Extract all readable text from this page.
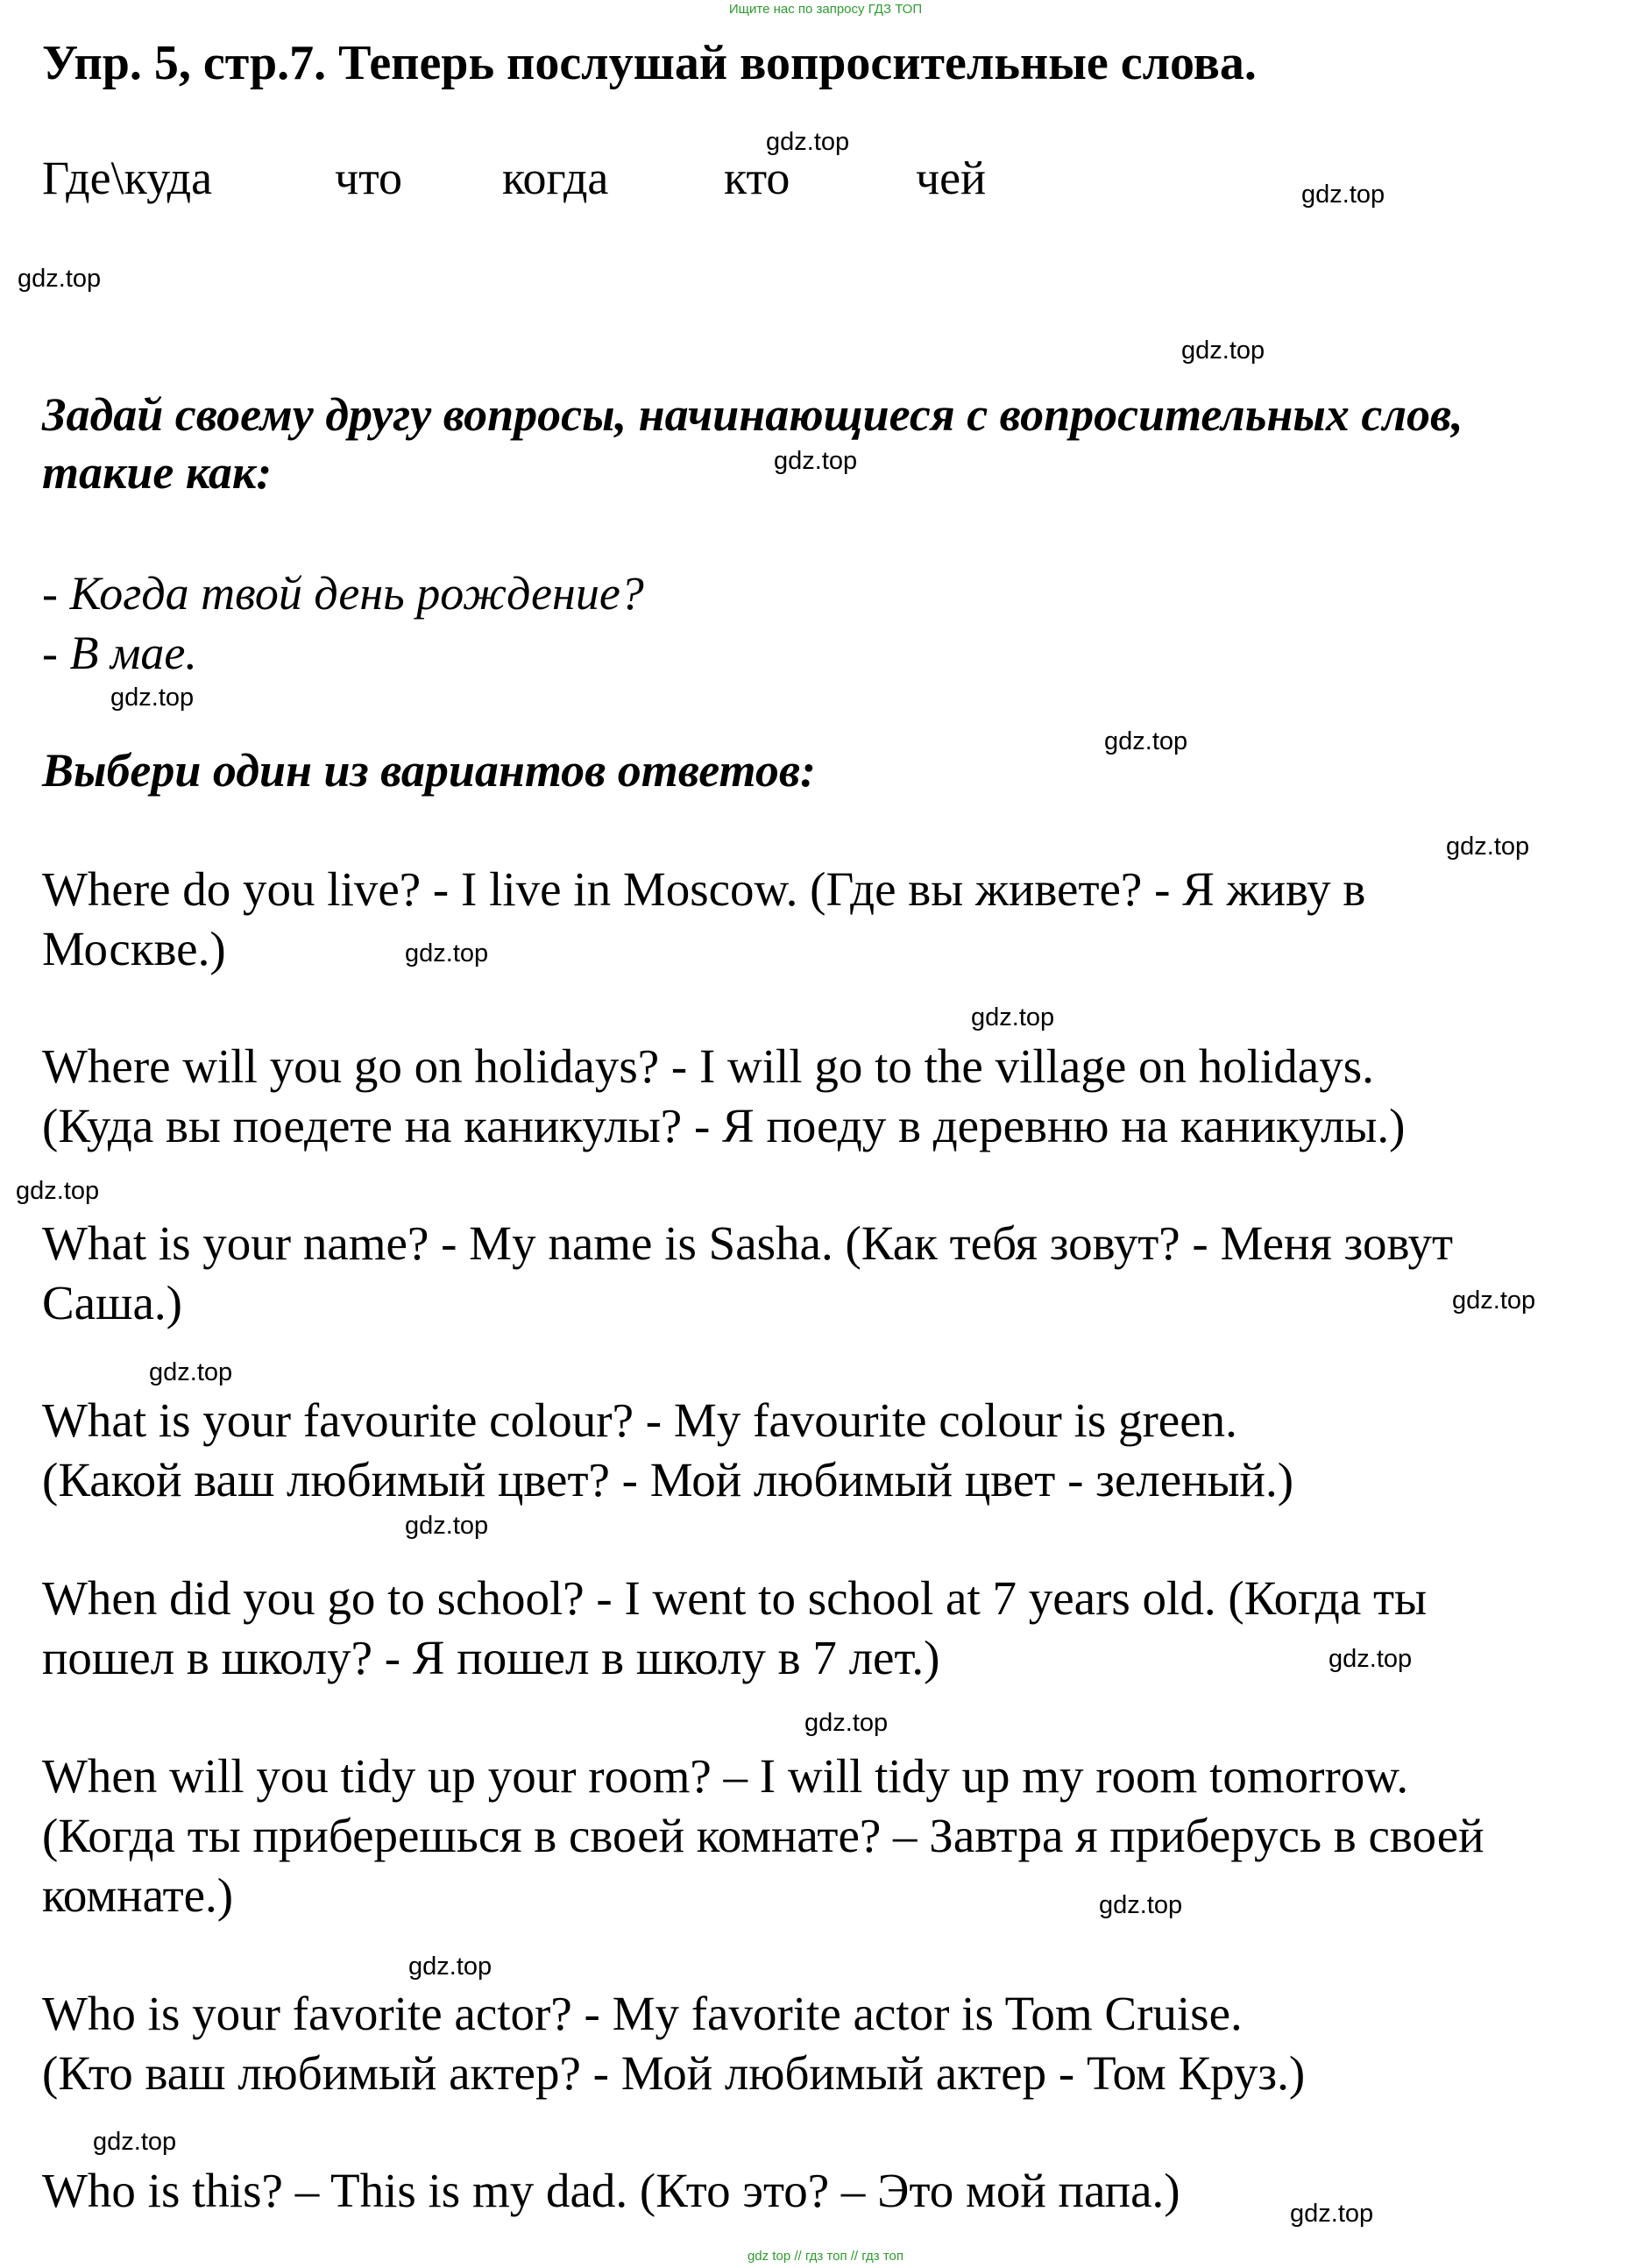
Ищите нас по запросу ГДЗ ТОП
Упр. 5, стр.7. Теперь послушай вопросительные слова.
Где\куда	что когда кто	чей
Задай своему другу вопросы, начинающиеся с вопросительных слов,
такие как:
- Когда твой день рождение?
- В мае.
Выбери один из вариантов ответов:
Where do you live? - I live in Moscow. (Где вы живете? - Я живу в
Москве.)
Where will you go on holidays? - I will go to the village on holidays.
(Куда вы поедете на каникулы? - Я поеду в деревню на каникулы.)
What is your name? - My name is Sasha. (Как тебя зовут? - Меня зовут
Саша.)
What is your favourite colour? - My favourite colour is green.
(Какой ваш любимый цвет? - Мой любимый цвет - зеленый.)
When did you go to school? - I went to school at 7 years old. (Когда ты
пошел в школу? - Я пошел в школу в 7 лет.)
When will you tidy up your room? – I will tidy up my room tomorrow.
(Когда ты приберешься в своей комнате? – Завтра я приберусь в своей
комнате.)
Who is your favorite actor? - My favorite actor is Tom Cruise.
(Кто ваш любимый актер? - Мой любимый актер - Том Круз.)
Who is this? – This is my dad. (Кто это? – Это мой папа.)
gdz.top
gdz.top
gdz.top
gdz.top
gdz.top
gdz.top
gdz.top
gdz.top
gdz.top
gdz.top
gdz.top
gdz.top
gdz.top
gdz.top
gdz.top
gdz.top
gdz.top
gdz.top
gdz.top
gdz.top
gdz top // гдз топ // гдз топ
